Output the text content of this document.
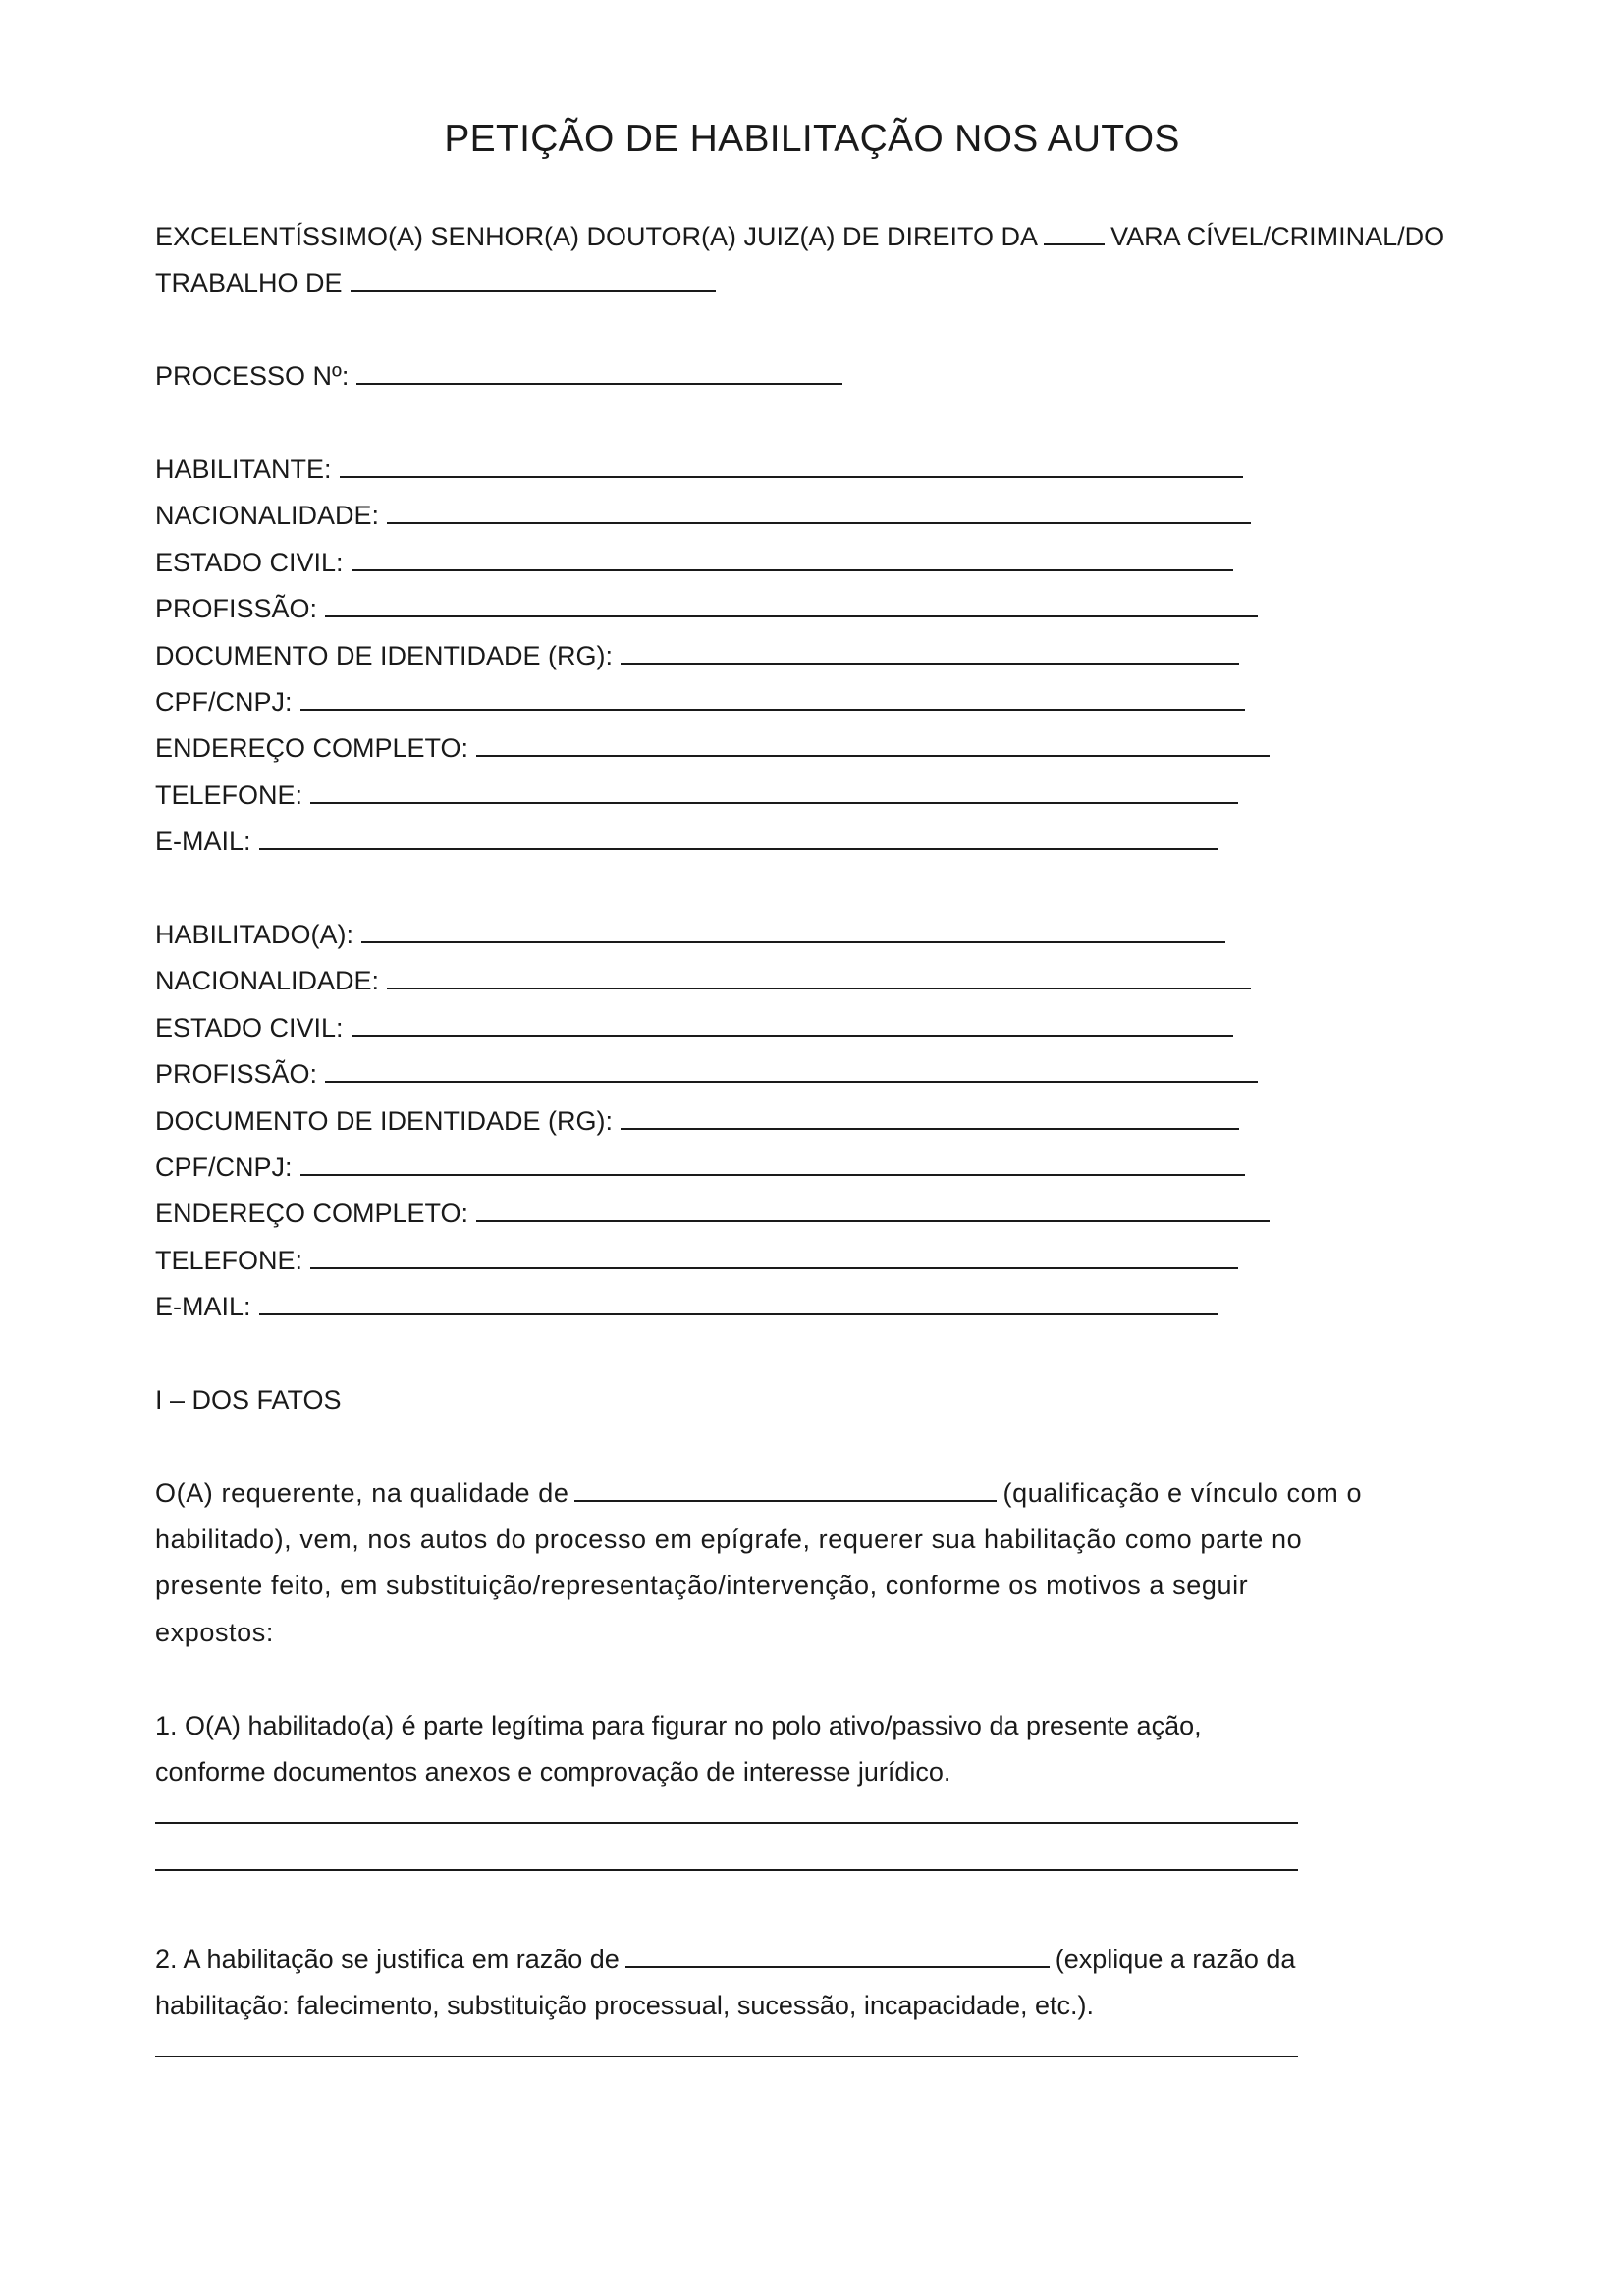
PETIÇÃO DE HABILITAÇÃO NOS AUTOS
EXCELENTÍSSIMO(A) SENHOR(A) DOUTOR(A) JUIZ(A) DE DIREITO DA	VARA CÍVEL/CRIMINAL/DO
TRABALHO DE
PROCESSO Nº:
HABILITANTE:
NACIONALIDADE:
ESTADO CIVIL:
PROFISSÃO:
DOCUMENTO DE IDENTIDADE (RG):
CPF/CNPJ:
ENDEREÇO COMPLETO:
TELEFONE:
E-MAIL:
HABILITADO(A):
NACIONALIDADE:
ESTADO CIVIL:
PROFISSÃO:
DOCUMENTO DE IDENTIDADE (RG):
CPF/CNPJ:
ENDEREÇO COMPLETO:
TELEFONE:
E-MAIL:
I – DOS FATOS
O(A) requerente, na qualidade de	(qualificação e vínculo com o
habilitado), vem, nos autos do processo em epígrafe, requerer sua habilitação como parte no
presente feito, em substituição/representação/intervenção, conforme os motivos a seguir
expostos:
1. O(A) habilitado(a) é parte legítima para figurar no polo ativo/passivo da presente ação,
conforme documentos anexos e comprovação de interesse jurídico.
2. A habilitação se justifica em razão de	(explique a razão da
habilitação: falecimento, substituição processual, sucessão, incapacidade, etc.).
